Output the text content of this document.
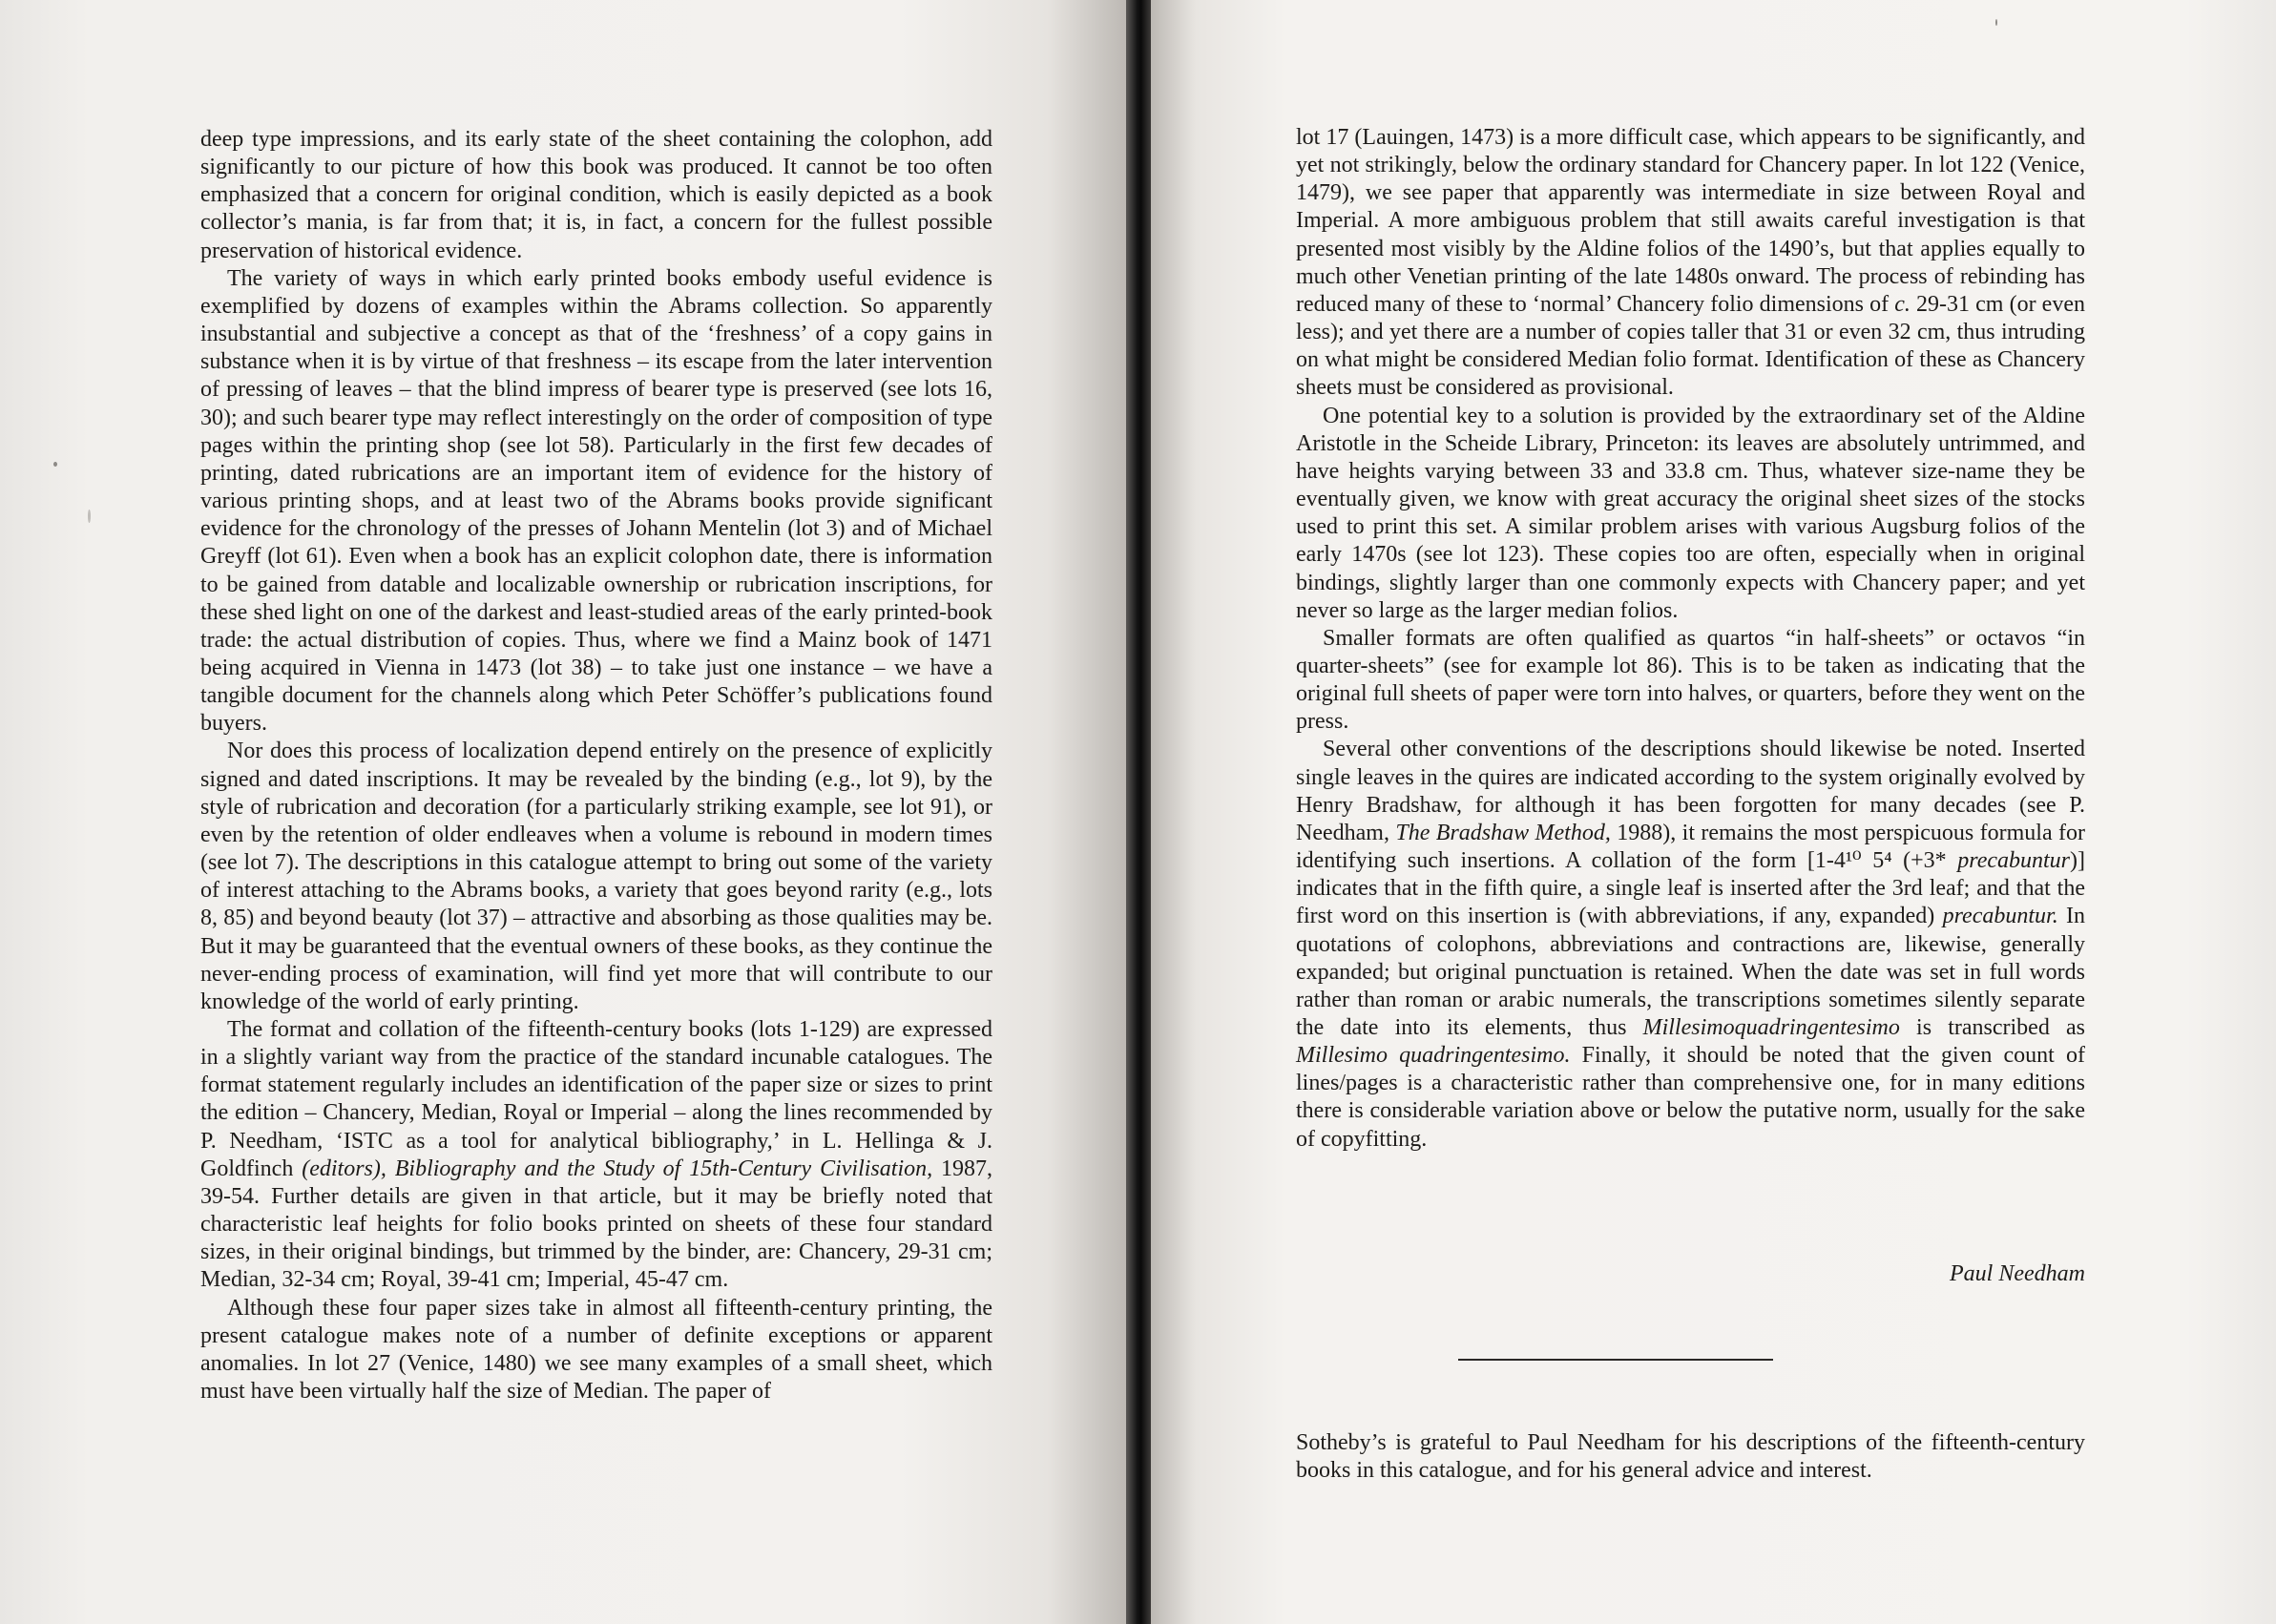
deep type impressions, and its early state of the sheet containing the colophon, add significantly to our picture of how this book was produced. It cannot be too often emphasized that a concern for original condition, which is easily depicted as a book collector’s mania, is far from that; it is, in fact, a concern for the fullest possible preservation of historical evidence.

The variety of ways in which early printed books embody useful evidence is exemplified by dozens of examples within the Abrams collection. So apparently insubstantial and subjective a concept as that of the ‘freshness’ of a copy gains in substance when it is by virtue of that freshness – its escape from the later intervention of pressing of leaves – that the blind impress of bearer type is preserved (see lots 16, 30); and such bearer type may reflect interestingly on the order of composition of type pages within the printing shop (see lot 58). Particularly in the first few decades of printing, dated rubrications are an important item of evidence for the history of various printing shops, and at least two of the Abrams books provide significant evidence for the chronology of the presses of Johann Mentelin (lot 3) and of Michael Greyff (lot 61). Even when a book has an explicit colophon date, there is information to be gained from datable and localizable ownership or rubrication inscriptions, for these shed light on one of the darkest and least-studied areas of the early printed-book trade: the actual distribution of copies. Thus, where we find a Mainz book of 1471 being acquired in Vienna in 1473 (lot 38) – to take just one instance – we have a tangible document for the channels along which Peter Schöffer’s publications found buyers.

Nor does this process of localization depend entirely on the presence of explicitly signed and dated inscriptions. It may be revealed by the binding (e.g., lot 9), by the style of rubrication and decoration (for a particularly striking example, see lot 91), or even by the retention of older endleaves when a volume is rebound in modern times (see lot 7). The descriptions in this catalogue attempt to bring out some of the variety of interest attaching to the Abrams books, a variety that goes beyond rarity (e.g., lots 8, 85) and beyond beauty (lot 37) – attractive and absorbing as those qualities may be. But it may be guaranteed that the eventual owners of these books, as they continue the never-ending process of examination, will find yet more that will contribute to our knowledge of the world of early printing.

The format and collation of the fifteenth-century books (lots 1-129) are expressed in a slightly variant way from the practice of the standard incunable catalogues. The format statement regularly includes an identification of the paper size or sizes to print the edition – Chancery, Median, Royal or Imperial – along the lines recommended by P. Needham, ‘ISTC as a tool for analytical bibliography,’ in L. Hellinga & J. Goldfinch (editors), Bibliography and the Study of 15th-Century Civilisation, 1987, 39-54. Further details are given in that article, but it may be briefly noted that characteristic leaf heights for folio books printed on sheets of these four standard sizes, in their original bindings, but trimmed by the binder, are: Chancery, 29-31 cm; Median, 32-34 cm; Royal, 39-41 cm; Imperial, 45-47 cm.

Although these four paper sizes take in almost all fifteenth-century printing, the present catalogue makes note of a number of definite exceptions or apparent anomalies. In lot 27 (Venice, 1480) we see many examples of a small sheet, which must have been virtually half the size of Median. The paper of

lot 17 (Lauingen, 1473) is a more difficult case, which appears to be significantly, and yet not strikingly, below the ordinary standard for Chancery paper. In lot 122 (Venice, 1479), we see paper that apparently was intermediate in size between Royal and Imperial. A more ambiguous problem that still awaits careful investigation is that presented most visibly by the Aldine folios of the 1490’s, but that applies equally to much other Venetian printing of the late 1480s onward. The process of rebinding has reduced many of these to ‘normal’ Chancery folio dimensions of c. 29-31 cm (or even less); and yet there are a number of copies taller that 31 or even 32 cm, thus intruding on what might be considered Median folio format. Identification of these as Chancery sheets must be considered as provisional.

One potential key to a solution is provided by the extraordinary set of the Aldine Aristotle in the Scheide Library, Princeton: its leaves are absolutely untrimmed, and have heights varying between 33 and 33.8 cm. Thus, whatever size-name they be eventually given, we know with great accuracy the original sheet sizes of the stocks used to print this set. A similar problem arises with various Augsburg folios of the early 1470s (see lot 123). These copies too are often, especially when in original bindings, slightly larger than one commonly expects with Chancery paper; and yet never so large as the larger median folios.

Smaller formats are often qualified as quartos “in half-sheets” or octavos “in quarter-sheets” (see for example lot 86). This is to be taken as indicating that the original full sheets of paper were torn into halves, or quarters, before they went on the press.

Several other conventions of the descriptions should likewise be noted. Inserted single leaves in the quires are indicated according to the system originally evolved by Henry Bradshaw, for although it has been forgotten for many decades (see P. Needham, The Bradshaw Method, 1988), it remains the most perspicuous formula for identifying such insertions. A collation of the form [1-4¹⁰ 5⁴ (+3* precabuntur)] indicates that in the fifth quire, a single leaf is inserted after the 3rd leaf; and that the first word on this insertion is (with abbreviations, if any, expanded) precabuntur. In quotations of colophons, abbreviations and contractions are, likewise, generally expanded; but original punctuation is retained. When the date was set in full words rather than roman or arabic numerals, the transcriptions sometimes silently separate the date into its elements, thus Millesimoquadringentesimo is transcribed as Millesimo quadringentesimo. Finally, it should be noted that the given count of lines/pages is a characteristic rather than comprehensive one, for in many editions there is considerable variation above or below the putative norm, usually for the sake of copyfitting.

Paul Needham
Sotheby’s is grateful to Paul Needham for his descriptions of the fifteenth-century books in this catalogue, and for his general advice and interest.
